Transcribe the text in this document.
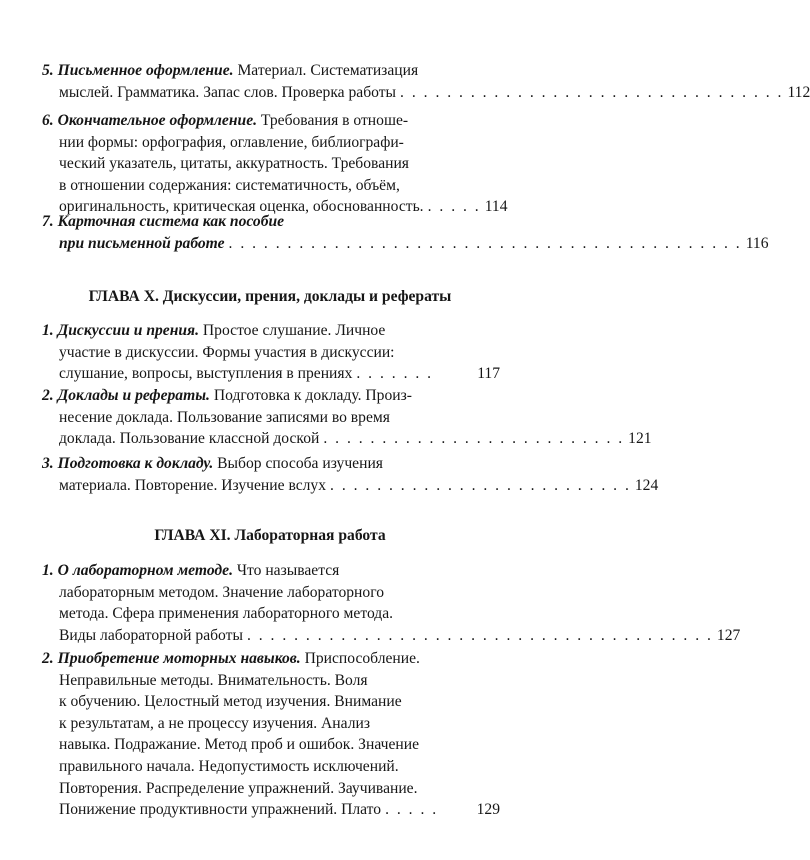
5. Письменное оформление. Материал. Систематизация
мыслей. Грамматика. Запас слов. Проверка работы . . . . . . . . . . . . . . . . . . . . . . . . . . . . . . . . . 112
6. Окончательное оформление. Требования в отноше-
нии формы: орфография, оглавление, библиографи-
ческий указатель, цитаты, аккуратность. Требования
в отношении содержания: систематичность, объём,
оригинальность, критическая оценка, обоснованность. . . . . . 114
7. Карточная система как пособие
при письменной работе . . . . . . . . . . . . . . . . . . . . . . . . . . . . . . . . . . . . . . . . . . . . 116
ГЛАВА X. Дискуссии, прения, доклады и рефераты
1. Дискуссии и прения. Простое слушание. Личное
участие в дискуссии. Формы участия в дискуссии:
слушание, вопросы, выступления в прениях . . . . . . .	117
2. Доклады и рефераты. Подготовка к докладу. Произ-
несение доклада. Пользование записями во время
доклада. Пользование классной доской . . . . . . . . . . . . . . . . . . . . . . . . . . 121
3. Подготовка к докладу. Выбор способа изучения
материала. Повторение. Изучение вслух . . . . . . . . . . . . . . . . . . . . . . . . . . 124
ГЛАВА XI. Лабораторная работа
1. О лабораторном методе. Что называется
лабораторным методом. Значение лабораторного
метода. Сфера применения лабораторного метода.
Виды лабораторной работы . . . . . . . . . . . . . . . . . . . . . . . . . . . . . . . . . . . . . . . . 127
2. Приобретение моторных навыков. Приспособление.
Неправильные методы. Внимательность. Воля
к обучению. Целостный метод изучения. Внимание
к результатам, а не процессу изучения. Анализ
навыка. Подражание. Метод проб и ошибок. Значение
правильного начала. Недопустимость исключений.
Повторения. Распределение упражнений. Заучивание.
Понижение продуктивности упражнений. Плато . . . . .	129
